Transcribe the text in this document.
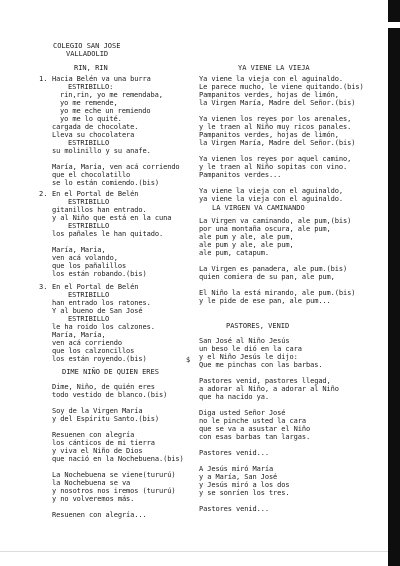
COLEGIO SAN JOSE
VALLADOLID
RIN, RIN
1. Hacia Belén va una burra
ESTRIBILLO:
rin,rin, yo me remendaba,
yo me remende,
yo me eche un remiendo
yo me lo quité.
cargada de chocolate.
Lleva su chocolatera
ESTRIBILLO
su molinillo y su anafe.
María, María, ven acá corriendo
que el chocolatillo
se lo están comiendo.(bis)
2. En el Portal de Belén
ESTRIBILLO
gitanillos han entrado.
y al Niño que está en la cuna
ESTRIBILLO
los pañales le han quitado.
María, María,
ven acá volando,
que los pañalillos
los están robando.(bis)
3. En el Portal de Belén
ESTRIBILLO
han entrado los ratones.
Y al bueno de San José
ESTRIBILLO
le ha roido los calzones.
María, María,
ven acá corriendo
que los calzoncillos
los están royendo.(bis)
DIME NIÑO DE QUIEN ERES
Dime, Niño, de quién eres
todo vestido de blanco.(bis)
Soy de la Virgen María
y del Espíritu Santo.(bis)
Resuenen con alegría
los cánticos de mi tierra
y viva el Niño de Dios
que nació en la Nochebuena.(bis)
La Nochebuena se viene(tururú)
la Nochebuena se va
y nosotros nos iremos (tururú)
y no volveremos más.
Resuenen con alegría...
YA VIENE LA VIEJA
Ya viene la vieja con el aguinaldo.
Le parece mucho, le viene quitando.(bis)
Pampanitos verdes, hojas de limón,
la Virgen María, Madre del Señor.(bis)
Ya vienen los reyes por los arenales,
y le traen al Niño muy ricos panales.
Pampanitos verdes, hojas de limón,
la Virgen María, Madre del Señor.(bis)
Ya vienen los reyes por aquel camino,
y le traen al Niño sopitas con vino.
Pampanitos verdes...
Ya viene la vieja con el aguinaldo,
ya viene la vieja con el aguinaldo.
LA VIRGEN VA CAMINANDO
La Virgen va caminando, ale pum,(bis)
por una montaña oscura, ale pum,
ale pum y ale, ale pum,
ale pum y ale, ale pum,
ale pum, catapum.
La Virgen es panadera, ale pum.(bis)
quien comiera de su pan, ale pum,
El Niño la está mirando, ale pum.(bis)
y le pide de ese pan, ale pum...
PASTORES, VENID
San José al Niño Jesús
un beso le dió en la cara
y el Niño Jesús le dijo:
Que me pinchas con las barbas.
Pastores venid, pastores llegad,
a adorar al Niño, a adorar al Niño
que ha nacido ya.
Diga usted Señor José
no le pinche usted la cara
que se va a asustar el Niño
con esas barbas tan largas.
Pastores venid...
A Jesús miró María
y a María, San José
y Jesús miró a los dos
y se sonríen los tres.
Pastores venid...
$
